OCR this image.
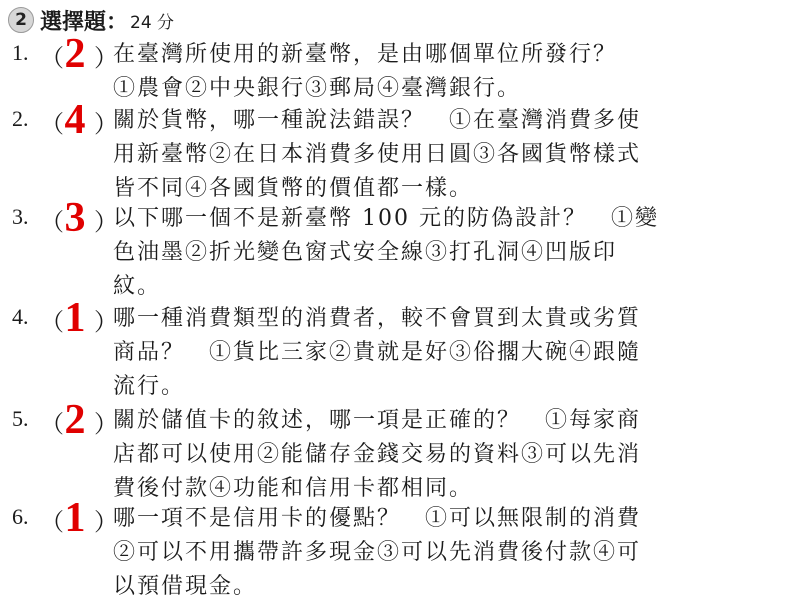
2 選擇題： 24 分
1. （ 2 ）
在臺灣所使用的新臺幣，是由哪個單位所發行？
①農會②中央銀行③郵局④臺灣銀行。
2. （ 4 ）
關於貨幣，哪一種說法錯誤？　①在臺灣消費多使
用新臺幣②在日本消費多使用日圓③各國貨幣樣式
皆不同④各國貨幣的價值都一樣。
3. （ 3 ）
以下哪一個不是新臺幣 100 元的防偽設計？　①變
色油墨②折光變色窗式安全線③打孔洞④凹版印
紋。
4. （ 1 ）
哪一種消費類型的消費者，較不會買到太貴或劣質
商品？　①貨比三家②貴就是好③俗擱大碗④跟隨
流行。
5. （ 2 ）
關於儲值卡的敘述，哪一項是正確的？　①每家商
店都可以使用②能儲存金錢交易的資料③可以先消
費後付款④功能和信用卡都相同。
6. （ 1 ）
哪一項不是信用卡的優點？　①可以無限制的消費
②可以不用攜帶許多現金③可以先消費後付款④可
以預借現金。
